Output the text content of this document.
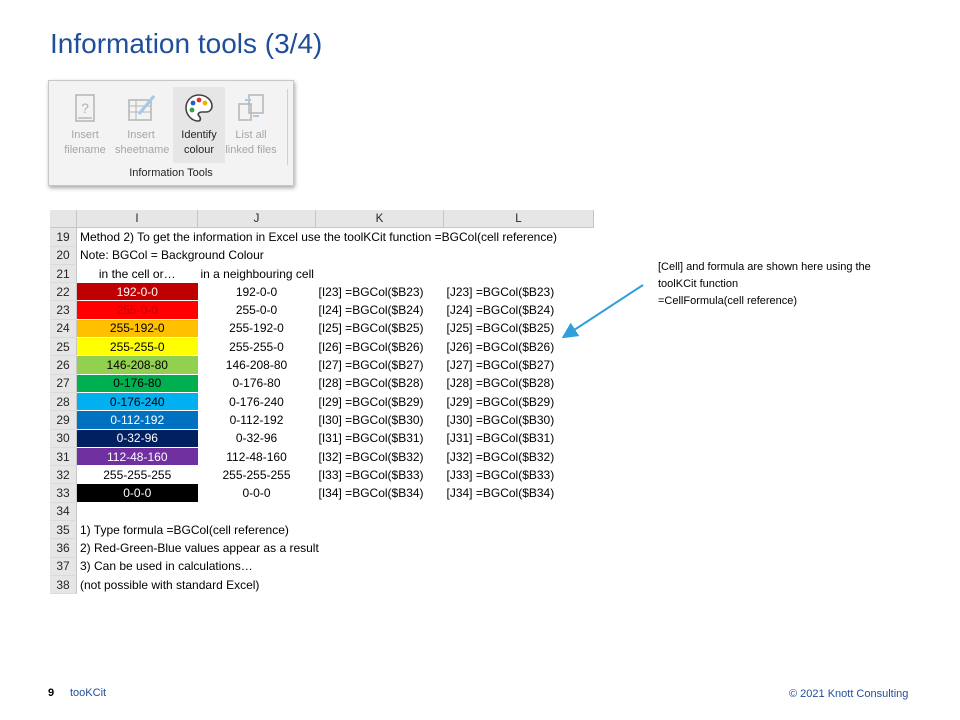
Information tools (3/4)
?
Insert
filename
Insert
sheetname
Identify
colour
List all
linked files
Information Tools
	I	J	K	L
19	Method 2) To get the information in Excel use the toolKCit function =BGCol(cell reference)			
20	Note: BGCol = Background Colour			
21	in the cell or…	in a neighbouring cell		
22	192-0-0	192-0-0	[I23] =BGCol($B23)	[J23] =BGCol($B23)
23	255-0-0	255-0-0	[I24] =BGCol($B24)	[J24] =BGCol($B24)
24	255-192-0	255-192-0	[I25] =BGCol($B25)	[J25] =BGCol($B25)
25	255-255-0	255-255-0	[I26] =BGCol($B26)	[J26] =BGCol($B26)
26	146-208-80	146-208-80	[I27] =BGCol($B27)	[J27] =BGCol($B27)
27	0-176-80	0-176-80	[I28] =BGCol($B28)	[J28] =BGCol($B28)
28	0-176-240	0-176-240	[I29] =BGCol($B29)	[J29] =BGCol($B29)
29	0-112-192	0-112-192	[I30] =BGCol($B30)	[J30] =BGCol($B30)
30	0-32-96	0-32-96	[I31] =BGCol($B31)	[J31] =BGCol($B31)
31	112-48-160	112-48-160	[I32] =BGCol($B32)	[J32] =BGCol($B32)
32	255-255-255	255-255-255	[I33] =BGCol($B33)	[J33] =BGCol($B33)
33	0-0-0	0-0-0	[I34] =BGCol($B34)	[J34] =BGCol($B34)
34				
35	1) Type formula =BGCol(cell reference)			
36	2) Red-Green-Blue values appear as a result			
37	3) Can be used in calculations…			
38	(not possible with standard Excel)			
[Cell] and formula are shown here using the
toolKCit function
=CellFormula(cell reference)
9 tooKCit	© 2021 Knott Consulting
